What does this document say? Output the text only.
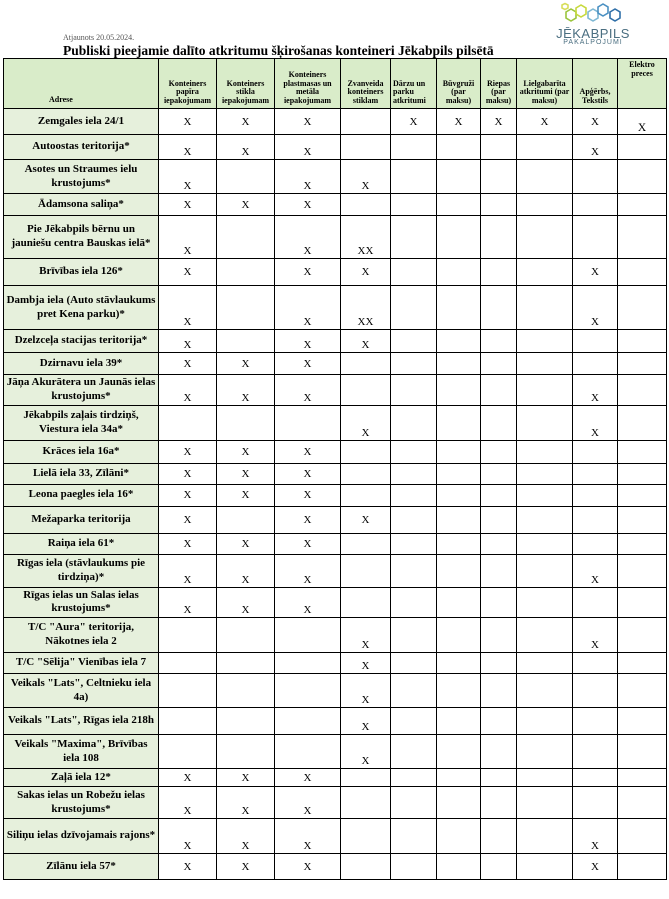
Atjaunots 20.05.2024.
Publiski pieejamie dalīto atkritumu šķirošanas konteineri Jēkabpils pilsētā
JĒKABPILS
PAKALPOJUMI
Adrese	Konteiners papīra iepakojumam	Konteiners stikla iepakojumam	Konteiners plastmasas un metāla iepakojumam	Zvanveida konteiners stiklam	Dārzu un parku atkritumi	Būvgruži (par maksu)	Riepas (par maksu)	Lielgabarīta atkritumi (par maksu)	Apģērbs, Tekstils	Elektro preces
Zemgales iela 24/1	X	X	X		X	X	X	X	X	X
Autoostas teritorija*	X	X	X						X	
Asotes un Straumes ielu krustojums*	X		X	X						
Ādamsona saliņa*	X	X	X							
Pie Jēkabpils bērnu un jauniešu centra Bauskas ielā*	X		X	XX						
Brīvības iela 126*	X		X	X					X	
Dambja iela (Auto stāvlaukums pret Kena parku)*	X		X	XX					X	
Dzelzceļa stacijas teritorija*	X		X	X						
Dzirnavu iela 39*	X	X	X							
Jāņa Akurātera un Jaunās ielas krustojums*	X	X	X						X	
Jēkabpils zaļais tirdziņš, Viestura iela 34a*				X					X	
Krāces iela 16a*	X	X	X							
Lielā iela 33, Zīlāni*	X	X	X							
Leona paegles iela 16*	X	X	X							
Mežaparka teritorija	X		X	X						
Raiņa iela 61*	X	X	X							
Rīgas iela (stāvlaukums pie tirdziņa)*	X	X	X						X	
Rīgas ielas un Salas ielas krustojums*	X	X	X							
T/C "Aura" teritorija, Nākotnes iela 2				X					X	
T/C "Sēlija" Vienības iela 7				X						
Veikals "Lats", Celtnieku iela 4a)				X						
Veikals "Lats", Rīgas iela 218h				X						
Veikals "Maxima", Brīvības iela 108				X						
Zaļā iela 12*	X	X	X							
Sakas ielas un Robežu ielas krustojums*	X	X	X							
Siliņu ielas dzīvojamais rajons*	X	X	X						X	
Zīlānu iela 57*	X	X	X						X	
